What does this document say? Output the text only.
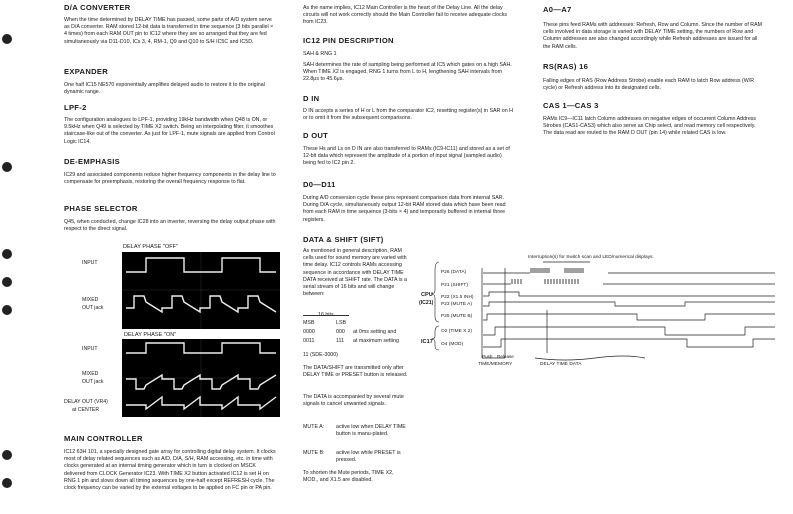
D/A CONVERTER
When the time determined by DELAY TIME has passed, some parts of A/D system serve as D/A converter. RAM stored 12-bit data is transferred in time sequence (3 bits parallel × 4 times) from each RAM OUT pin to IC12 where they are so arranged that they are fed simultaneously via D11-D10, ICs 3, 4, RM-1, Q9 and Q10 to S/H IC5C and IC5D.
EXPANDER
One half IC15 NE570 exponentially amplifies delayed audio to restore it to the original dynamic range.
LPF-2
The configuration analogues to LPF-1, providing 19kHz bandwidth when Q48 is ON, or 9.5kHz when Q49 is selected by TIME X2 switch. Being an interpolating filter, it smoothes staircase-like out of the converter. As just for LPF-1, mute signals are applied from Control Logic IC14.
DE-EMPHASIS
IC29 and associated components reduce higher frequency components in the delay line to compensate for preemphasis, restoring the overall frequency response to flat.
PHASE SELECTOR
Q45, when conducted, change IC28 into an inverter, reversing the delay output phase with respect to the direct signal.
DELAY PHASE "OFF"
DELAY PHASE "ON"
INPUT
MIXED
OUT jack
INPUT
MIXED
OUT jack
DELAY OUT (VR4)
at CENTER
MAIN CONTROLLER
IC12 63H 101, a specially designed gate array for controlling digital delay system. It clocks most of delay related sequences such as A/D, D/A, S/H, RAM accessing, etc. in time with clocks generated at an internal timing generator which in turn is clocked on MSCK delivered from CLOCK Generator IC23. With TIME X2 button activated IC12 is set H on RNG 1 pin and slows down all timing sequences by one-half except REFRESH cycle. The clock frequency can be varied by the external voltages to be applied on FC pin or PA pin.
As the name implies, IC12 Main Controller is the heart of the Delay Line. All the delay circuits will not work correctly should the Main Controller fail to receive adequate clocks from IC23.
IC12 PIN DESCRIPTION
SAH & RNG 1
SAH determines the rate of sampling being performed at IC5 which gates on a high SAH. When TIME X2 is engaged, RNG 1 turns from L to H, lengthening SAH intervals from 22.8μs to 45.6μs.
D IN
D IN accepts a series of H or L from the comparator IC2, resetting register(s) in SAR on H or to omit it from the subsequent comparisons.
D OUT
These Hs and Ls on D IN are also transferred to RAMs (IC9-IC11) and stored as a set of 12-bit data which represent the amplitude of a portion of input signal (sampled audio) being fed to IC2 pin 2.
D0—D11
During A/D conversion cycle these pins represent comparison data from internal SAR. During D/A cycle, simultaneously output 12-bit RAM stored data which have been read from each RAM in time sequence (3-bits × 4) and temporarily buffered in internal three registers.
DATA & SHIFT (SIFT)
As mentioned in general description, RAM cells used for sound memory are varied with time delay. IC12 controls RAMs accessing sequence in accordance with DELAY TIME DATA received at SHIFT rate. The DATA is a serial stream of 16 bits and will change between:
16 bits
MSB	LSB
0000	000 at 0ms setting and
0011	111 at maximum setting
11 (SDE-3000)
The DATA/SHIFT are transmitted only after DELAY TIME or PRESET button is released.
The DATA is accompanied by several mute signals to cancel unwanted signals.
MUTE A: active low when DELAY TIME button is manu-plated.
MUTE B: active low while PRESET is pressed.
To shorten the Mute periods, TIME X2, MOD., and X1.5 are disabled.
A0—A7
These pins feed RAMs with addresses: Refresh, Row and Column. Since the number of RAM cells involved in data storage is varied with DELAY TIME setting, the numbers of Row and Column addresses are also changed accordingly while Refresh addresses are issued for all the RAM cells.
RS(RAS) 16
Falling edges of RAS (Row Address Strobe) enable each RAM to latch Row address (W/R cycle) or Refresh address into its designated cells.
CAS 1—CAS 3
RAMs IC9—IC11 latch Column addresses on negative edges of occurrent Column Address Strobes (CAS1-CAS3) which also serve as Chip select, and read memory cell respectively. The data read are routed to the RAM D OUT (pin 14) while related CAS is low.
Interruption(s) for Switch scan and LED/numerical displays.
CPU
(IC21)
IC17
P26 (DATA)
P21 (SHIFT)
P22 (X1.5 INH)
P23 (MUTE A)
P25 (MUTE B)
O2 (TIME X 2)
O4 (MOD)
Push Release
TIME/MEMORY	DELAY TIME DATA
